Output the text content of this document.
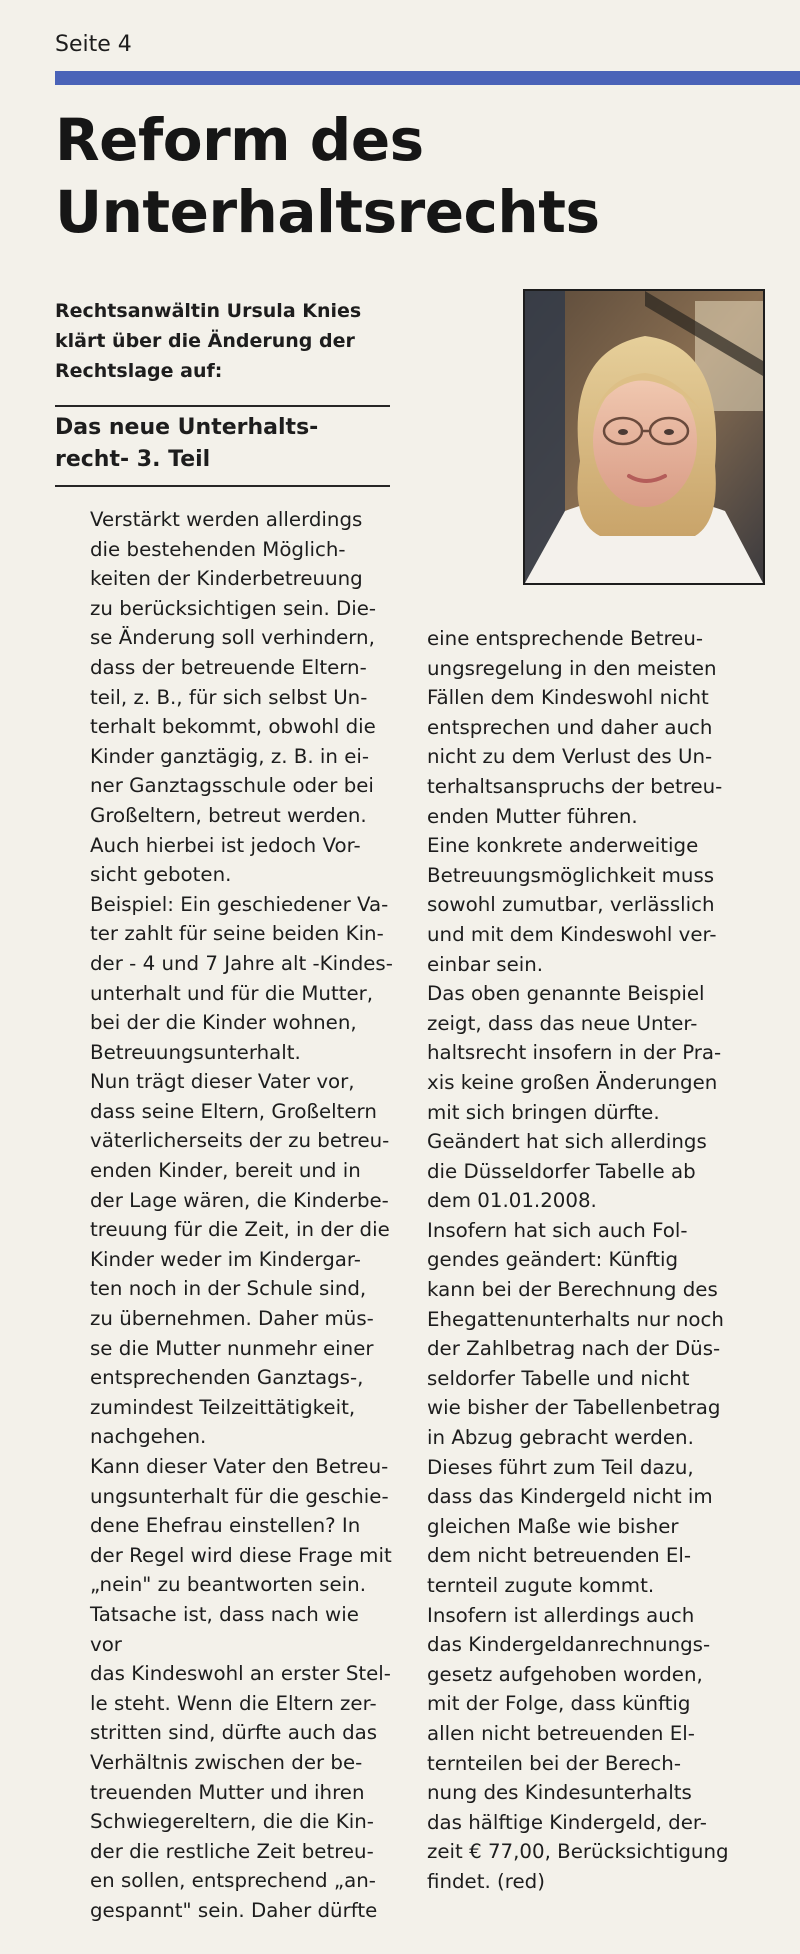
Seite 4
Reform des
Unterhaltsrechts
Rechtsanwältin Ursula Knies
klärt über die Änderung der
Rechtslage auf:
Das neue Unterhalts-
recht- 3. Teil

Verstärkt werden allerdings
die bestehenden Möglich-
keiten der Kinderbetreuung
zu berücksichtigen sein. Die-
se Änderung soll verhindern,
dass der betreuende Eltern-
teil, z. B., für sich selbst Un-
terhalt bekommt, obwohl die
Kinder ganztägig, z. B. in ei-
ner Ganztagsschule oder bei
Großeltern, betreut werden.
Auch hierbei ist jedoch Vor-
sicht geboten.

Beispiel: Ein geschiedener Va-
ter zahlt für seine beiden Kin-
der - 4 und 7 Jahre alt -Kindes-
unterhalt und für die Mutter,
bei der die Kinder wohnen,
Betreuungsunterhalt.

Nun trägt dieser Vater vor,
dass seine Eltern, Großeltern
väterlicherseits der zu betreu-
enden Kinder, bereit und in
der Lage wären, die Kinderbe-
treuung für die Zeit, in der die
Kinder weder im Kindergar-
ten noch in der Schule sind,
zu übernehmen. Daher müs-
se die Mutter nunmehr einer
entsprechenden Ganztags-,
zumindest Teilzeittätigkeit,
nachgehen.

Kann dieser Vater den Betreu-
ungsunterhalt für die geschie-
dene Ehefrau einstellen? In
der Regel wird diese Frage mit
„nein" zu beantworten sein.
Tatsache ist, dass nach wie vor
das Kindeswohl an erster Stel-
le steht. Wenn die Eltern zer-
stritten sind, dürfte auch das
Verhältnis zwischen der be-
treuenden Mutter und ihren
Schwiegereltern, die die Kin-
der die restliche Zeit betreu-
en sollen, entsprechend „an-
gespannt" sein. Daher dürfte

eine entsprechende Betreu-
ungsregelung in den meisten
Fällen dem Kindeswohl nicht
entsprechen und daher auch
nicht zu dem Verlust des Un-
terhaltsanspruchs der betreu-
enden Mutter führen.

Eine konkrete anderweitige
Betreuungsmöglichkeit muss
sowohl zumutbar, verlässlich
und mit dem Kindeswohl ver-
einbar sein.

Das oben genannte Beispiel
zeigt, dass das neue Unter-
haltsrecht insofern in der Pra-
xis keine großen Änderungen
mit sich bringen dürfte.

Geändert hat sich allerdings
die Düsseldorfer Tabelle ab
dem 01.01.2008.

Insofern hat sich auch Fol-
gendes geändert: Künftig
kann bei der Berechnung des
Ehegattenunterhalts nur noch
der Zahlbetrag nach der Düs-
seldorfer Tabelle und nicht
wie bisher der Tabellenbetrag
in Abzug gebracht werden.
Dieses führt zum Teil dazu,
dass das Kindergeld nicht im
gleichen Maße wie bisher
dem nicht betreuenden El-
ternteil zugute kommt.

Insofern ist allerdings auch
das Kindergeldanrechnungs-
gesetz aufgehoben worden,
mit der Folge, dass künftig
allen nicht betreuenden El-
ternteilen bei der Berech-
nung des Kindesunterhalts
das hälftige Kindergeld, der-
zeit € 77,00, Berücksichtigung
findet. (red)
